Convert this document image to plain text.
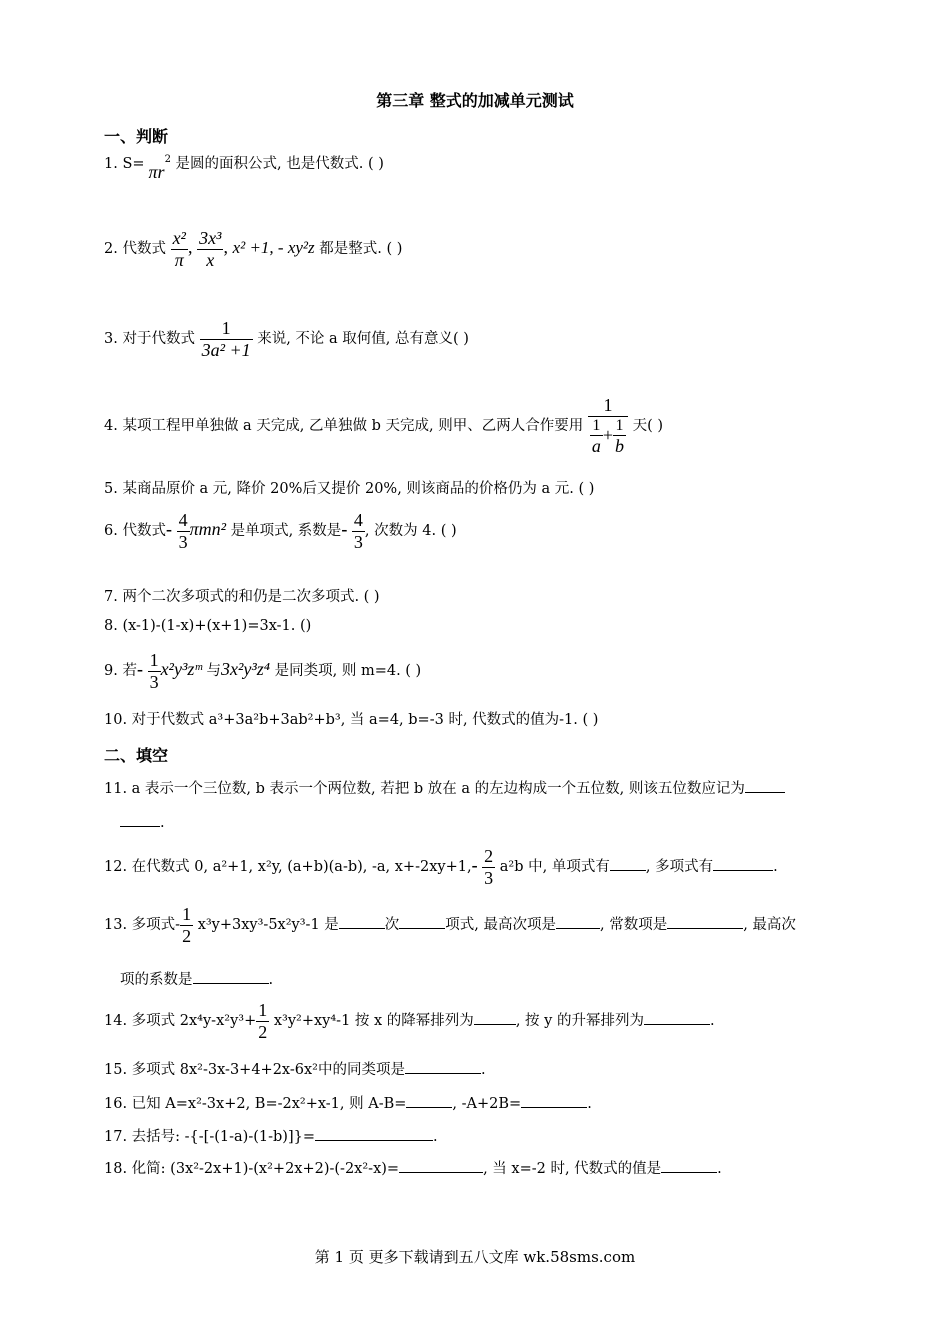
第三章 整式的加减单元测试
一、判断
1. $S= \pi r^2$ 是圆的面积公式, 也是代数式. ( )
2. 代数式 $\frac{\text{x²}}{\pi}$ , $\frac{\text{3x³}}{x}$ , x² +1, - xy²z 都是整式. ( )
3. 对于代数式 $\frac{1}{\text{3a² +1}}$ 来说, 不论 a 取何值, 总有意义( )
4. 某项工程甲单独做 a 天完成, 乙单独做 b 天完成, 则甲、乙两人合作要用 $\frac{1}{\frac{1}{a} + \frac{1}{b}}$ 天( )
5. 某商品原价 a 元, 降价 20%后又提价 20%, 则该商品的价格仍为 a 元. ( )
6. 代数式- $\frac{4}{3} \pi mn^2$ 是单项式, 系数是- $\frac{4}{3}$ , 次数为 4. ( )
7. 两个二次多项式的和仍是二次多项式. ( )
8. (x-1)-(1-x)+(x+1)=3x-1. ()
9. 若- $\frac{1}{3}$ x²y³zᵐ 与3x²y³z⁴ 是同类项, 则 m=4. ( )
10. 对于代数式 a³+3a²b+3ab²+b³, 当 a=4, b=-3 时, 代数式的值为-1. ( )
二、填空
11. a 表示一个三位数, b 表示一个两位数, 若把 b 放在 a 的左边构成一个五位数, 则该五位数应记为
.
12. 在代数式 0, a²+1, x²y, (a+b)(a-b), -a, $x+-2xy+1,- \frac{2}{3} a^2b$ 中, 单项式有 , 多项式有	.
13. 多项式- $\frac{1}{2} x^3y+3xy^3-5x^2y^3-1$ 是	次	项式, 最高次项是	, 常数项是	, 最高次
项的系数是	.
14. 多项式 $2x^4y-x^2y^3+ \frac{1}{2} x^3y^2+xy^4-1$ 按 x 的降幂排列为	, 按 y 的升幂排列为	.
15. 多项式 8x²-3x-3+4+2x-6x²中的同类项是	.
16. 已知 A=x²-3x+2, B=-2x²+x-1, 则 A-B=	, -A+2B=	.
17. 去括号: -{-[-(1-a)-(1-b)]}=	.
18. 化简: (3x²-2x+1)-(x²+2x+2)-(-2x²-x)=	, 当 x=-2 时, 代数式的值是	.
第 1 页 更多下载请到五八文库 wk.58sms.com
